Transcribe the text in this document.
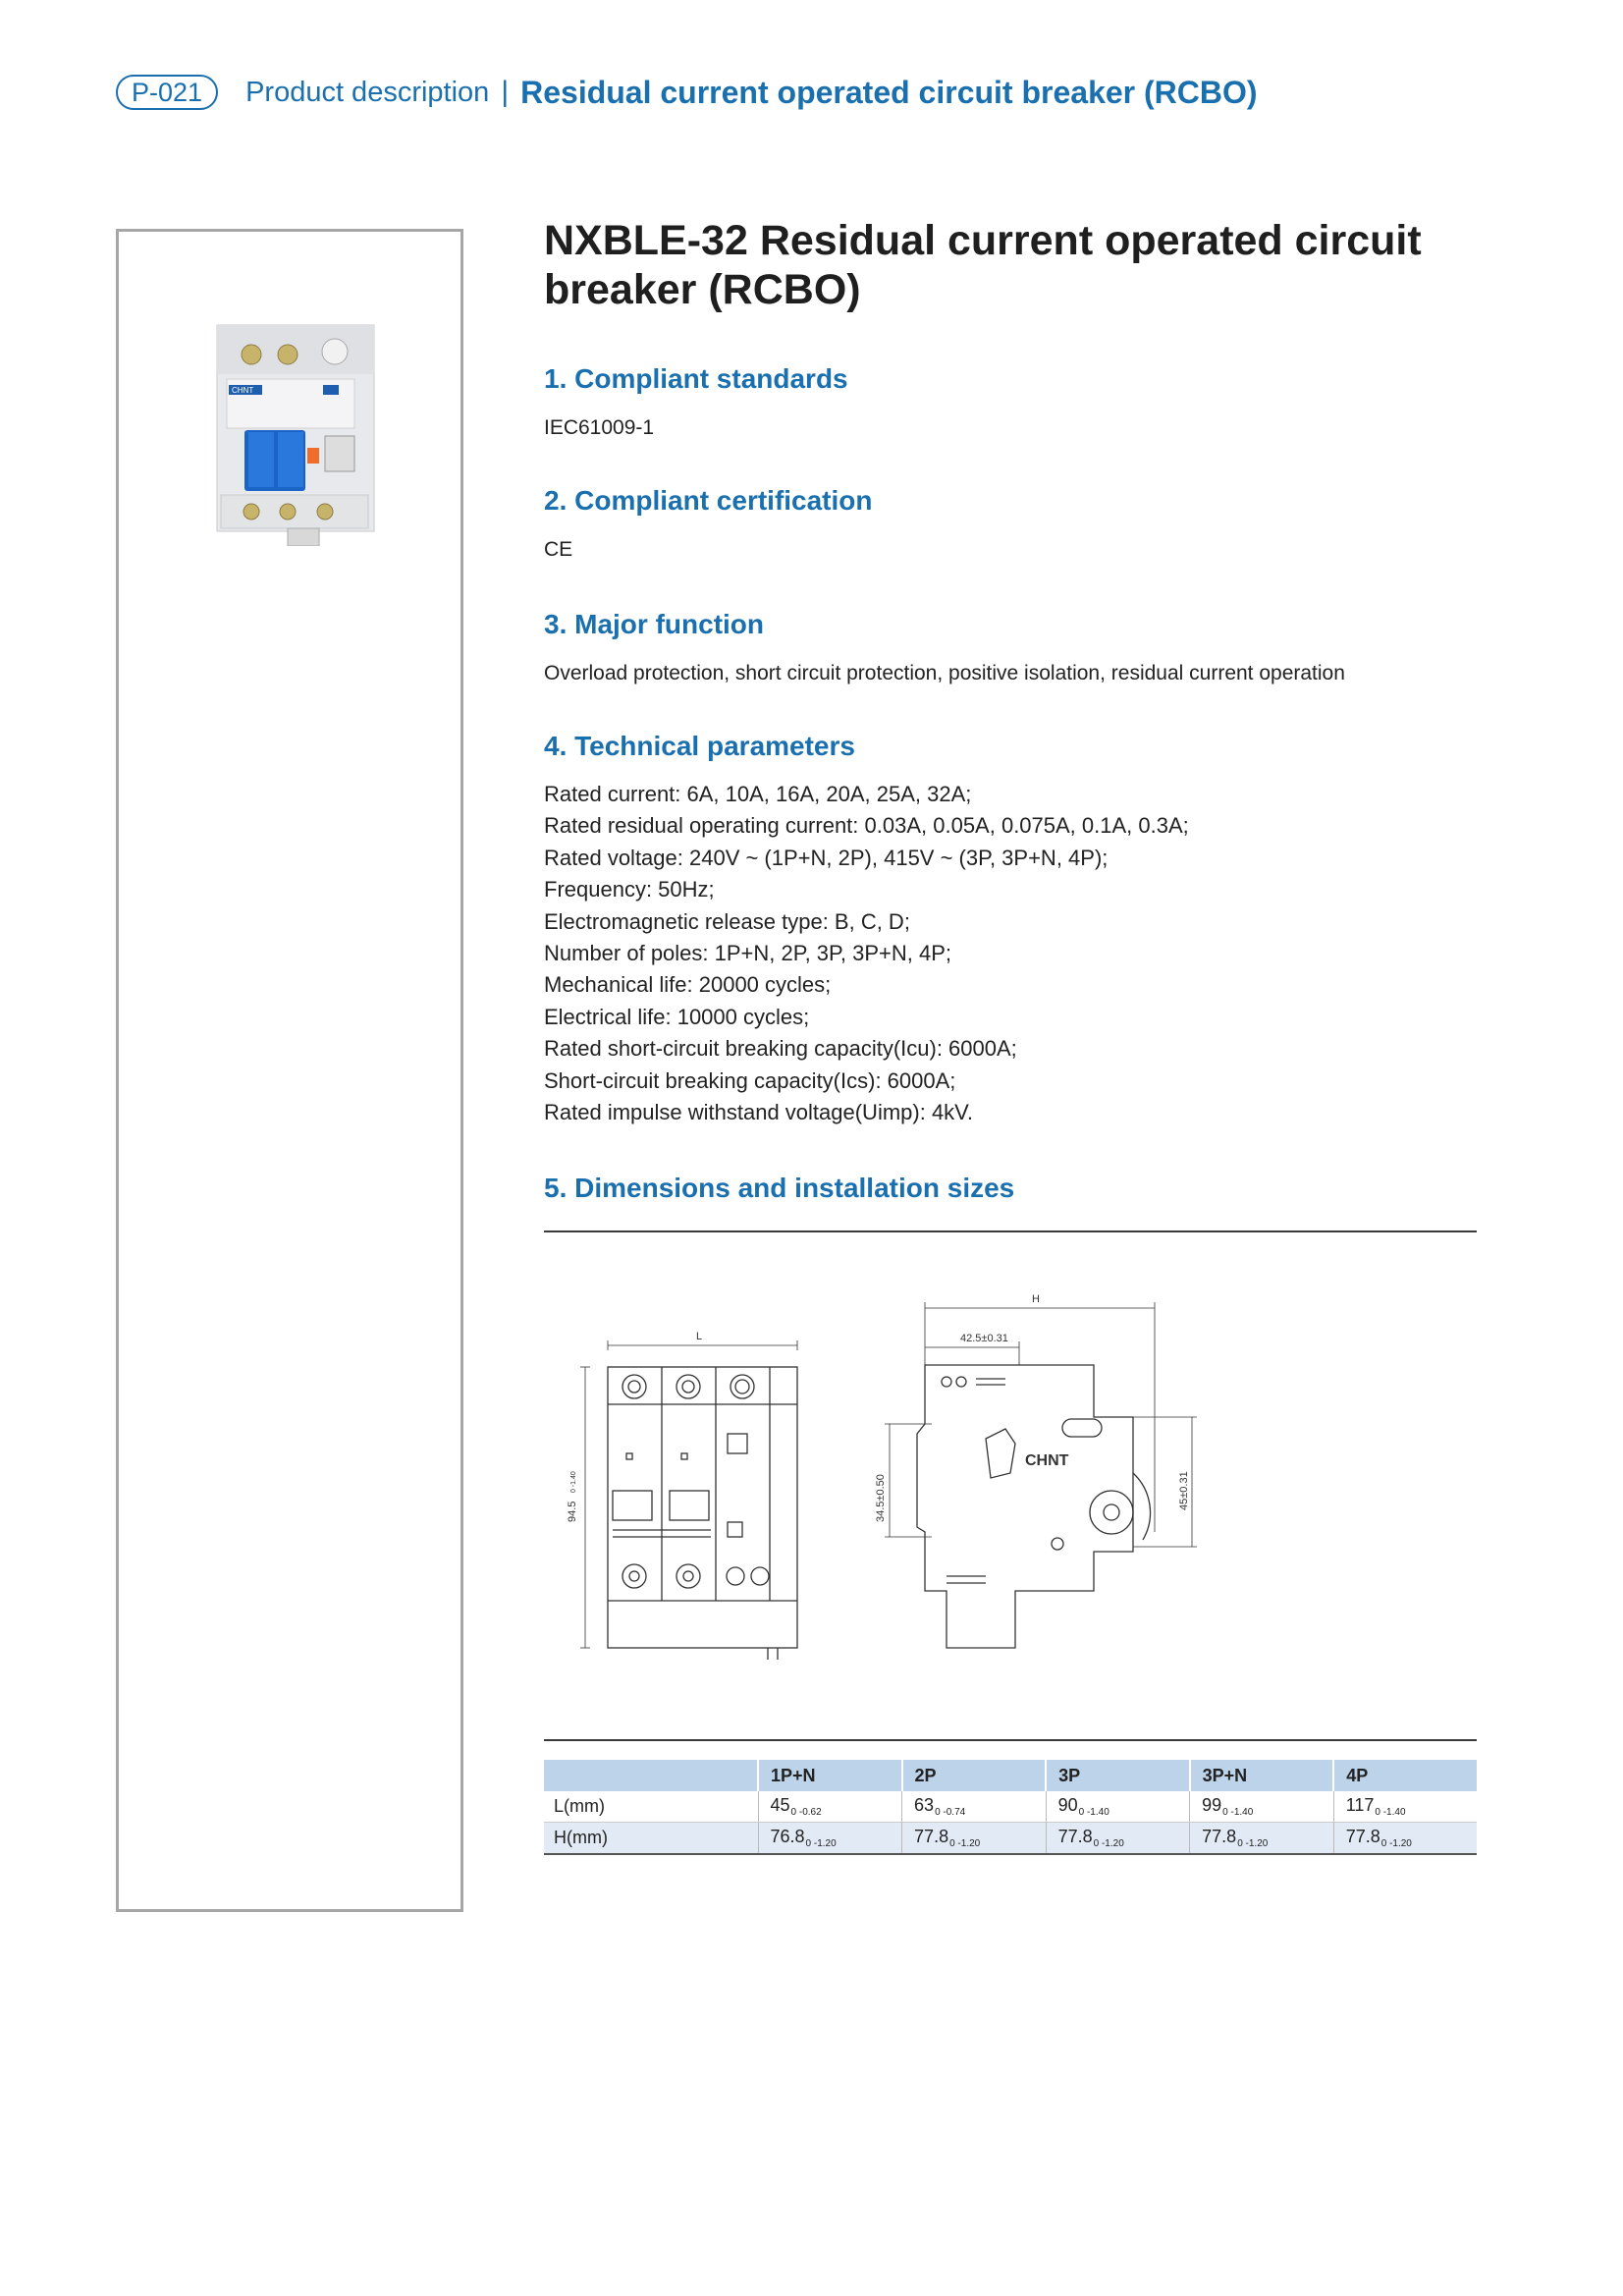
P-021	Product description | Residual current operated circuit breaker (RCBO)
CHNT
NXBLE-32 Residual current operated circuit breaker (RCBO)
1. Compliant standards

IEC61009-1

2. Compliant certification

CE

3. Major function

Overload protection, short circuit protection, positive isolation, residual current operation

4. Technical parameters
Rated current: 6A, 10A, 16A, 20A, 25A, 32A;
Rated residual operating current: 0.03A, 0.05A, 0.075A, 0.1A, 0.3A;
Rated voltage: 240V ~ (1P+N, 2P), 415V ~ (3P, 3P+N, 4P);
Frequency: 50Hz;
Electromagnetic release type: B, C, D;
Number of poles: 1P+N, 2P, 3P, 3P+N, 4P;
Mechanical life: 20000 cycles;
Electrical life: 10000 cycles;
Rated short-circuit breaking capacity(Icu): 6000A;
Short-circuit breaking capacity(Ics): 6000A;
Rated impulse withstand voltage(Uimp): 4kV.
5. Dimensions and installation sizes
L
94.5
0 -1.40
H
42.5±0.31
34.5±0.50	45±0.31
CHNT
	1P+N	2P	3P	3P+N	4P
L(mm)	$45_{0 -0.62}$	$63_{0 -0.74}$	$90_{0 -1.40}$	$99_{0 -1.40}$	$117_{0 -1.40}$
H(mm)	$76.8_{0 -1.20}$	$77.8_{0 -1.20}$	$77.8_{0 -1.20}$	$77.8_{0 -1.20}$	$77.8_{0 -1.20}$
